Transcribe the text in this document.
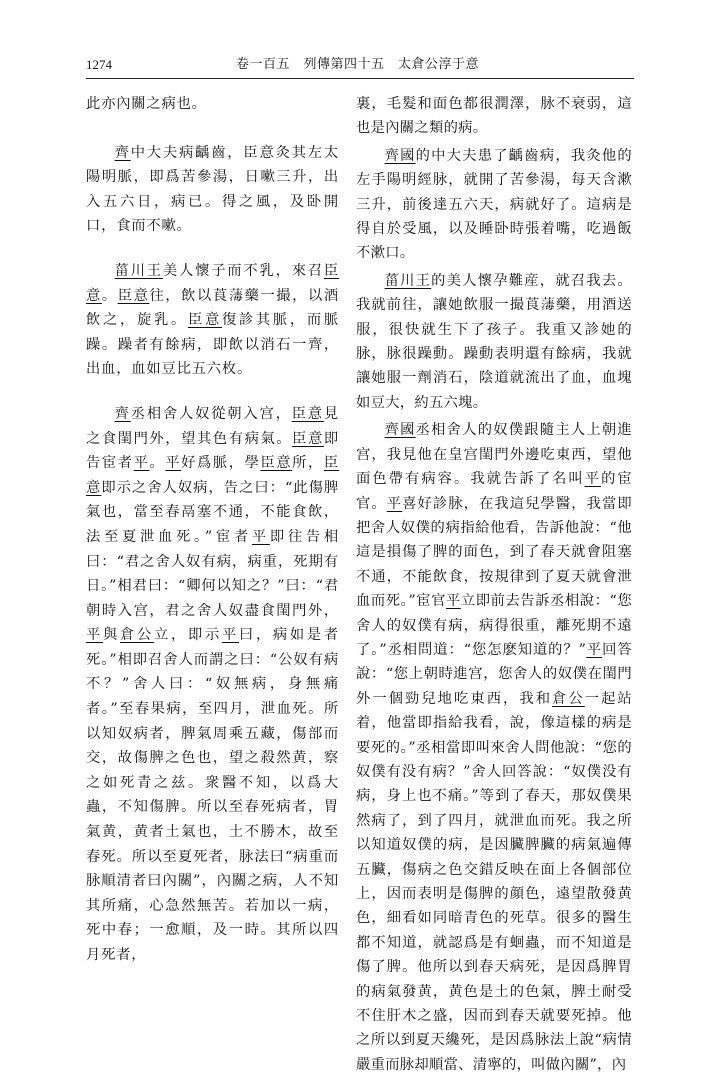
1274	卷一百五　列傳第四十五　太倉公淳于意

此亦內關之病也。

齊中大夫病齲齒，臣意灸其左太陽明脈，即爲苦參湯，日嗽三升，出入五六日，病已。得之風，及卧開口，食而不嗽。

菑川王美人懷子而不乳，來召臣意。臣意往，飲以莨𦺇藥一撮，以酒飲之，旋乳。臣意復診其脈，而脈躁。躁者有餘病，即飲以消石一齊，出血，血如豆比五六枚。

齊丞相舍人奴從朝入宫，臣意見之食閨門外，望其色有病氣。臣意即告宦者平。平好爲脈，學臣意所，臣意即示之舍人奴病，告之曰：“此傷脾氣也，當至春鬲塞不通，不能食飲，法至夏泄血死。”宦者平即往告相曰：“君之舍人奴有病，病重，死期有日。”相君曰：“卿何以知之？”曰：“君朝時入宫，君之舍人奴盡食閨門外，平與倉公立，即示平曰，病如是者死。”相即召舍人而謂之曰：“公奴有病不？”舍人曰：“奴無病，身無痛者。”至春果病，至四月，泄血死。所以知奴病者，脾氣周乘五藏，傷部而交，故傷脾之色也，望之殺然黄，察之如死青之兹。衆醫不知，以爲大蟲，不知傷脾。所以至春死病者，胃氣黄，黄者土氣也，土不勝木，故至春死。所以至夏死者，脉法曰“病重而脉順清者曰內關”，內關之病，人不知其所痛，心急然無苦。若加以一病，死中春；一愈順，及一時。其所以四月死者，

裏，毛髮和面色都很潤澤，脉不衰弱，這也是內關之類的病。

齊國的中大夫患了齲齒病，我灸他的左手陽明經脉，就開了苦參湯，每天含漱三升，前後達五六天，病就好了。這病是得自於受風，以及睡卧時張着嘴，吃過飯不漱口。

菑川王的美人懷孕難産，就召我去。我就前往，讓她飲服一撮莨𦺇藥，用酒送服，很快就生下了孩子。我重又診她的脉，脉很躁動。躁動表明還有餘病，我就讓她服一劑消石，陰道就流出了血，血塊如豆大，約五六塊。

齊國丞相舍人的奴僕跟隨主人上朝進宫，我見他在皇宫閨門外邊吃東西，望他面色帶有病容。我就告訴了名叫平的宦官。平喜好診脉，在我這兒學醫，我當即把舍人奴僕的病指給他看，告訴他說：“他這是損傷了脾的面色，到了春天就會阻塞不通，不能飲食，按規律到了夏天就會泄血而死。”宦官平立即前去告訴丞相說：“您舍人的奴僕有病，病得很重，離死期不遠了。”丞相問道：“您怎麽知道的？”平回答說：“您上朝時進宫，您舍人的奴僕在閨門外一個勁兒地吃東西，我和倉公一起站着，他當即指給我看，說，像這樣的病是要死的。”丞相當即叫來舍人問他說：“您的奴僕有没有病？”舍人回答說：“奴僕没有病，身上也不痛。”等到了春天，那奴僕果然病了，到了四月，就泄血而死。我之所以知道奴僕的病，是因臟脾臟的病氣遍傳五臟，傷病之色交錯反映在面上各個部位上，因而表明是傷脾的顔色，遠望散發黄色，細看如同暗青色的死草。很多的醫生都不知道，就認爲是有蛔蟲，而不知道是傷了脾。他所以到春天病死，是因爲脾胃的病氣發黄，黄色是土的色氣，脾土耐受不住肝木之盛，因而到春天就要死掉。他之所以到夏天纔死，是因爲脉法上說“病情嚴重而脉却順當、清寧的，叫做內關”，內
